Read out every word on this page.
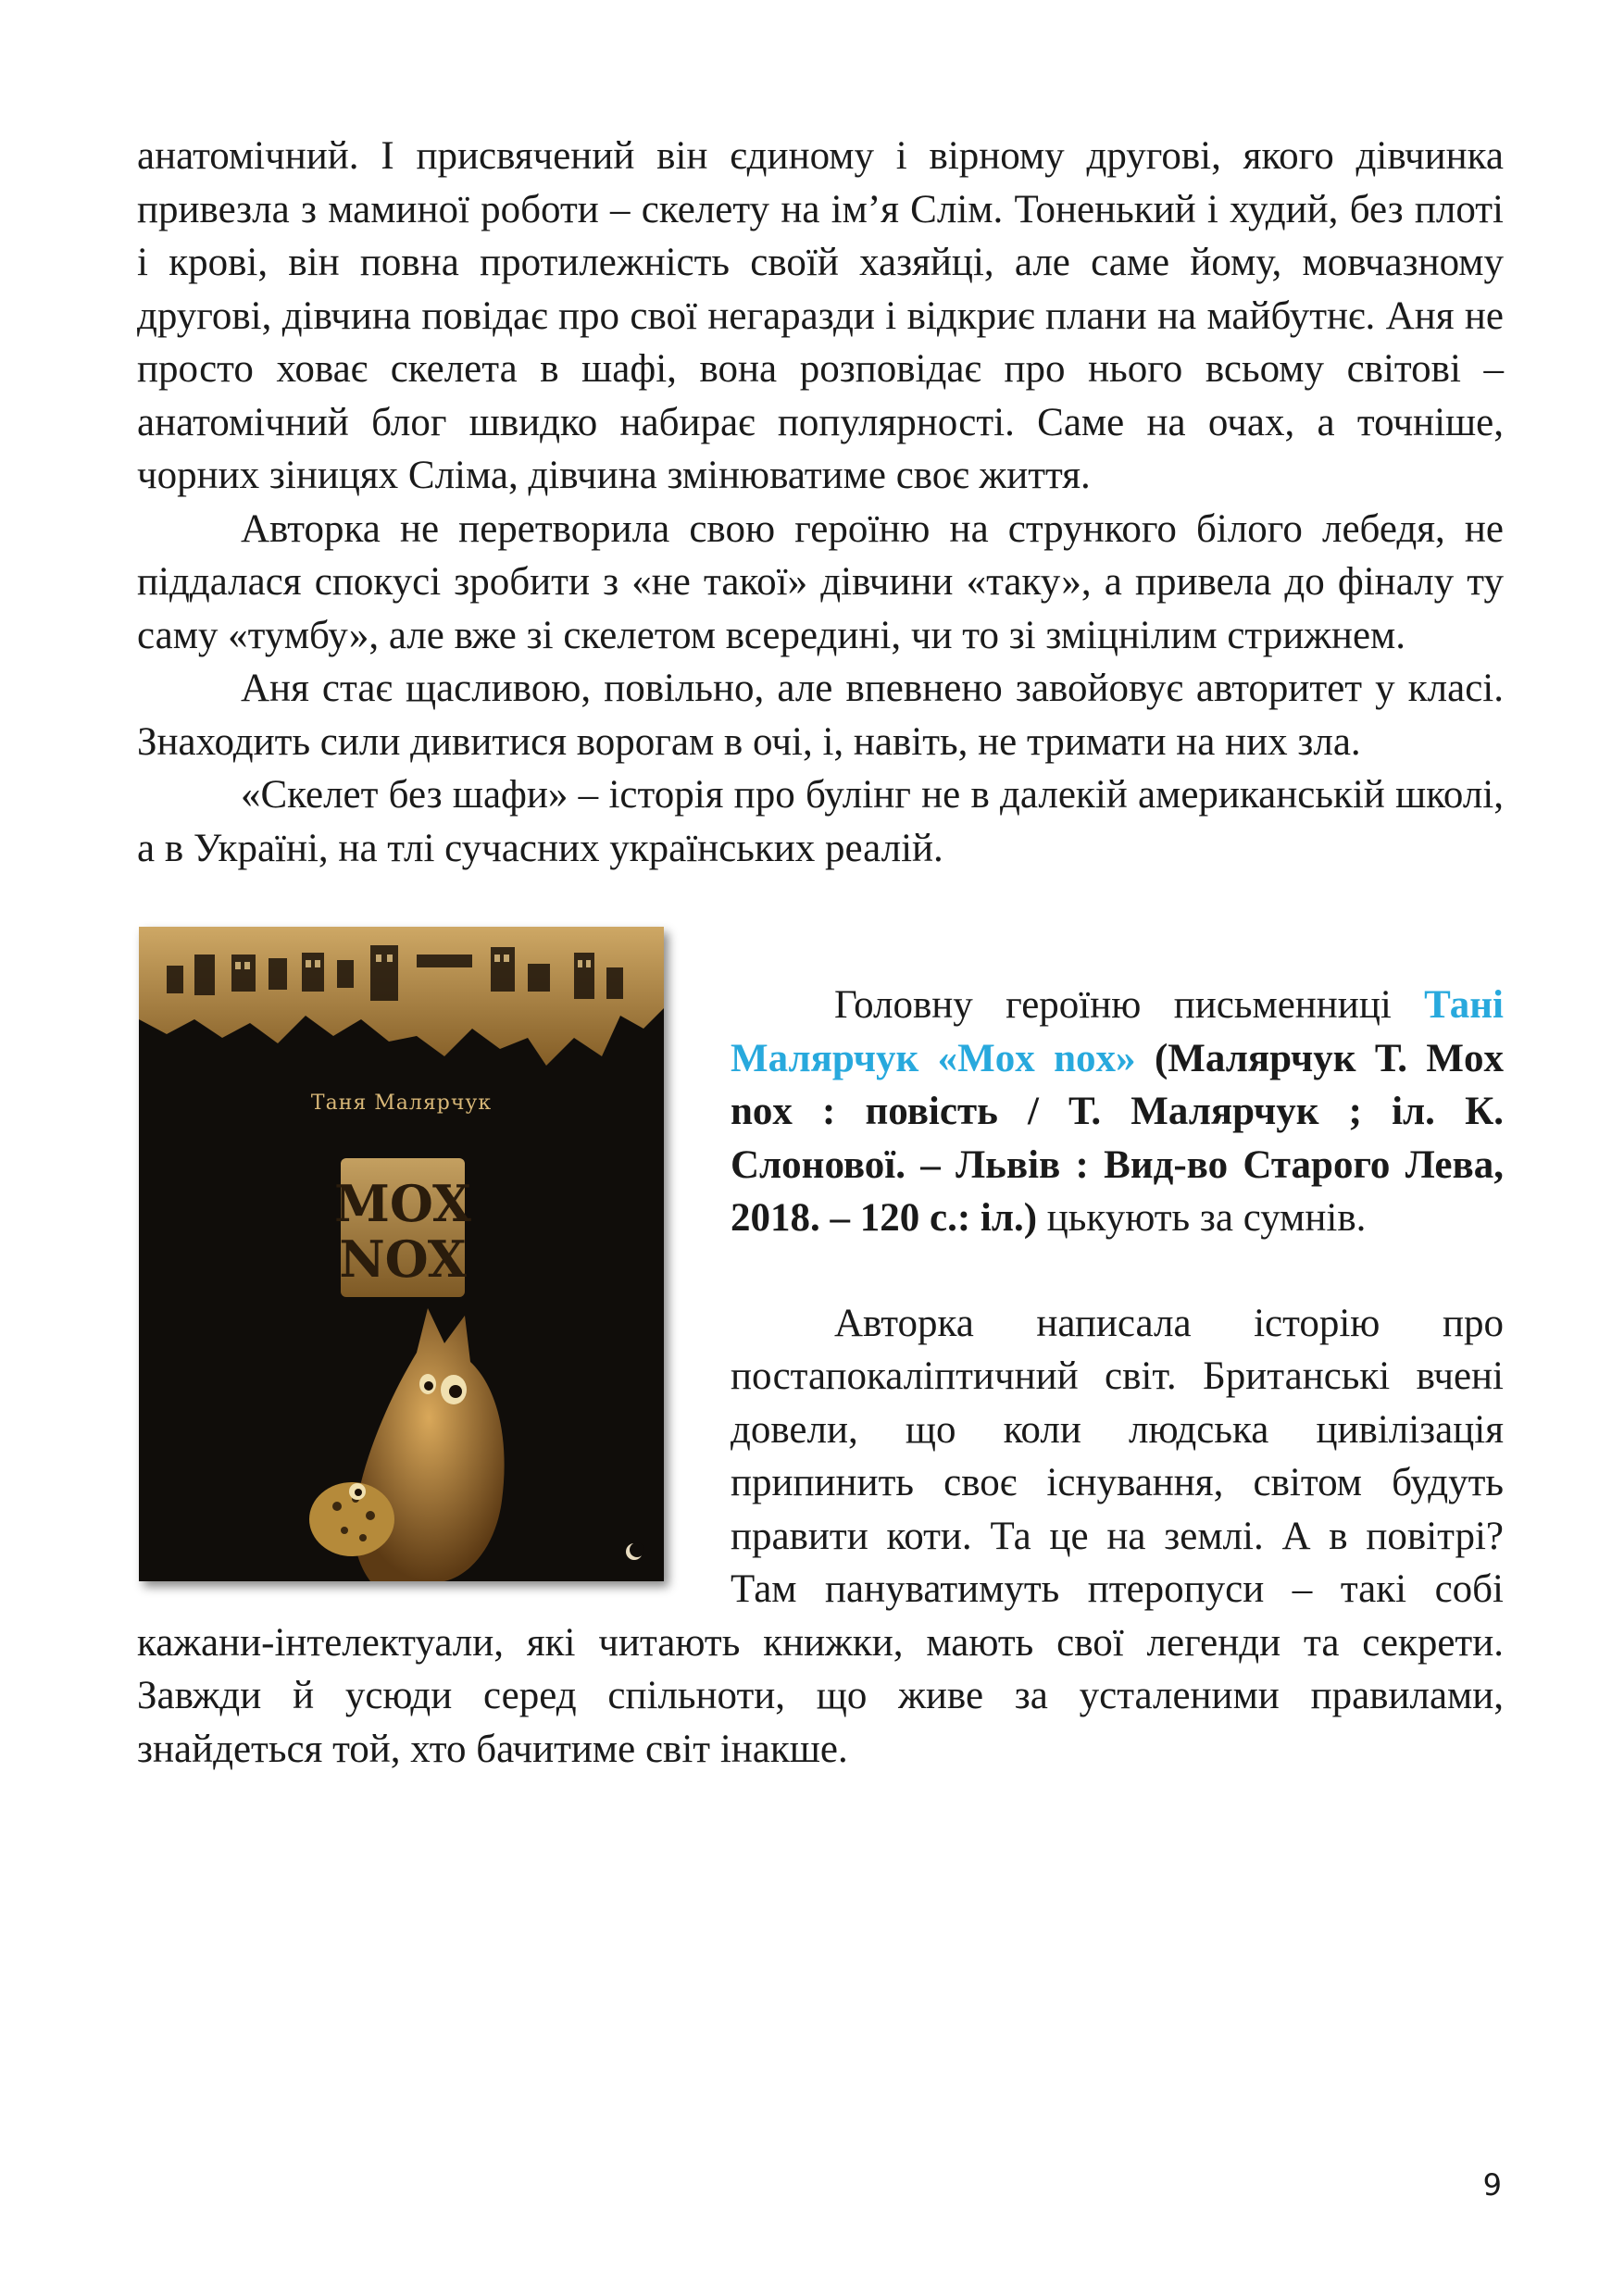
анатомічний. І присвячений він єдиному і вірному другові, якого дівчинка привезла з маминої роботи – скелету на ім’я Слім. Тоненький і худий, без плоті і крові, він повна протилежність своїй хазяйці, але саме йому, мовчазному другові, дівчина повідає про свої негаразди і відкриє плани на майбутнє. Аня не просто ховає скелета в шафі, вона розповідає про нього всьому світові – анатомічний блог швидко набирає популярності. Саме на очах, а точніше, чорних зіницях Сліма, дівчина змінюватиме своє життя.

Авторка не перетворила свою героїню на стрункого білого лебедя, не піддалася спокусі зробити з «не такої» дівчини «таку», а привела до фіналу ту саму «тумбу», але вже зі скелетом всередині, чи то зі зміцнілим стрижнем.

Аня стає щасливою, повільно, але впевнено завойовує авторитет у класі. Знаходить сили дивитися ворогам в очі, і, навіть, не тримати на них зла.

«Скелет без шафи» – історія про булінг не в далекій американській школі, а в Україні, на тлі сучасних українських реалій.

MOX
NOX
Таня Малярчук

Головну героїню письменниці Тані Малярчук «Mox nox» (Малярчук Т. Mox nox : повість / Т. Малярчук ; іл. К. Слонової. – Львів : Вид-во Старого Лева, 2018. – 120 с.: іл.) цькують за сумнів.

Авторка написала історію про постапокаліптичний світ. Британські вчені довели, що коли людська цивілізація припинить своє існування, світом будуть правити коти. Та це на землі. А в повітрі? Там пануватимуть птеропуси – такі собі кажани-інтелектуали, які читають книжки, мають свої легенди та секрети. Завжди й усюди серед спільноти, що живе за усталеними правилами, знайдеться той, хто бачитиме світ інакше.

9
